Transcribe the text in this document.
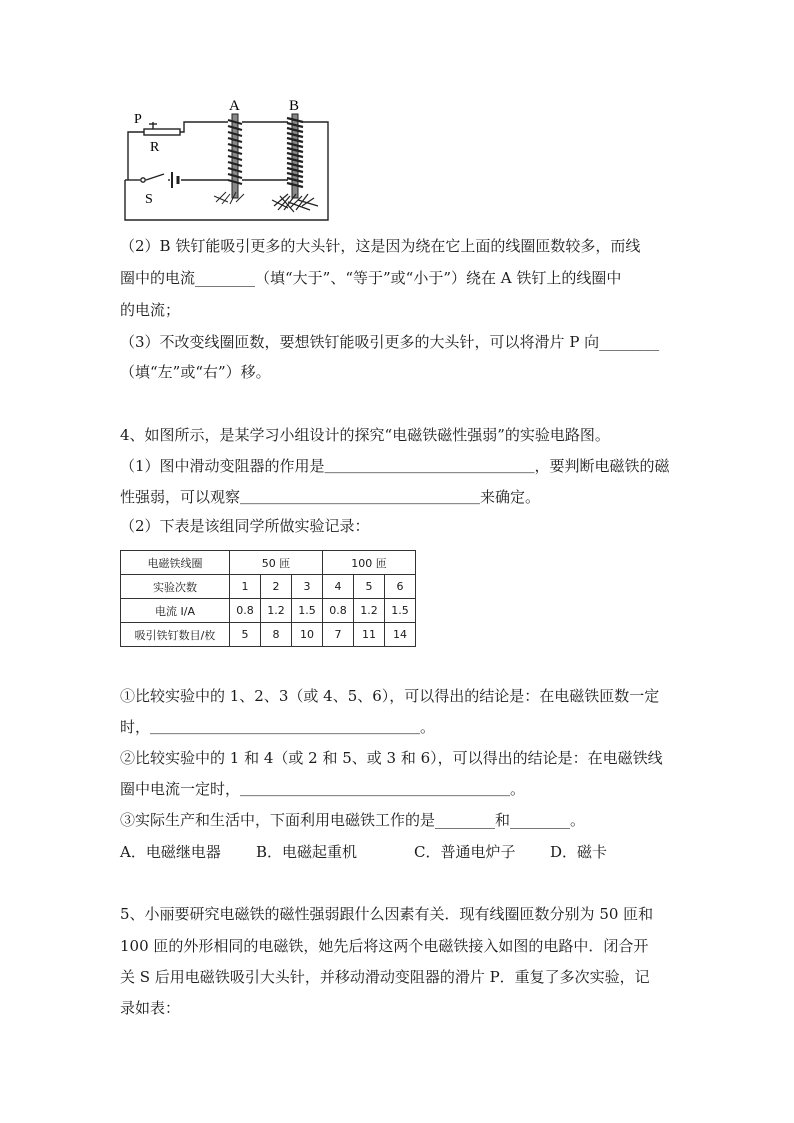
A	B
P
R
S
（2）B 铁钉能吸引更多的大头针，这是因为绕在它上面的线圈匝数较多，而线
圈中的电流________（填“大于”、“等于”或“小于”）绕在 A 铁钉上的线圈中
的电流；
（3）不改变线圈匝数，要想铁钉能吸引更多的大头针，可以将滑片 P 向________
（填“左”或“右”）移。
4、如图所示，是某学习小组设计的探究“电磁铁磁性强弱”的实验电路图。
（1）图中滑动变阻器的作用是＿＿＿＿＿＿＿＿＿＿＿＿＿＿，要判断电磁铁的磁
性强弱，可以观察＿＿＿＿＿＿＿＿＿＿＿＿＿＿＿＿来确定。
（2）下表是该组同学所做实验记录：
电磁铁线圈	50 匝			100 匝		
实验次数	1	2	3	4	5	6
电流 I/A	0.8	1.2	1.5	0.8	1.2	1.5
吸引铁钉数目/枚	5	8	10	7	11	14
①比较实验中的 1、2、3（或 4、5、6），可以得出的结论是：在电磁铁匝数一定
时，＿＿＿＿＿＿＿＿＿＿＿＿＿＿＿＿＿＿。
②比较实验中的 1 和 4（或 2 和 5、或 3 和 6），可以得出的结论是：在电磁铁线
圈中电流一定时，＿＿＿＿＿＿＿＿＿＿＿＿＿＿＿＿＿＿。
③实际生产和生活中，下面利用电磁铁工作的是________和________。
A．电磁继电器 B．电磁起重机	C．普通电炉子 D．磁卡
5、小丽要研究电磁铁的磁性强弱跟什么因素有关．现有线圈匝数分别为 50 匝和
100 匝的外形相同的电磁铁，她先后将这两个电磁铁接入如图的电路中．闭合开
关 S 后用电磁铁吸引大头针，并移动滑动变阻器的滑片 P．重复了多次实验，记
录如表：
